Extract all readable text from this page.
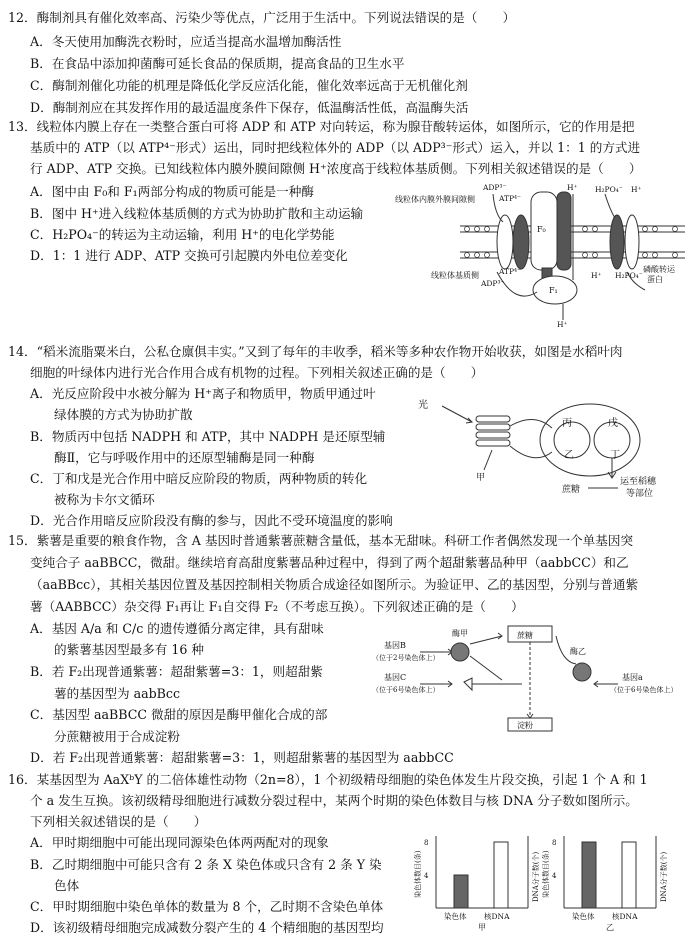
12．酶制剂具有催化效率高、污染少等优点，广泛用于生活中。下列说法错误的是（　　）
A．冬天使用加酶洗衣粉时，应适当提高水温增加酶活性
B．在食品中添加抑菌酶可延长食品的保质期，提高食品的卫生水平
C．酶制剂催化功能的机理是降低化学反应活化能，催化效率远高于无机催化剂
D．酶制剂应在其发挥作用的最适温度条件下保存，低温酶活性低，高温酶失活
13．线粒体内膜上存在一类整合蛋白可将 ADP 和 ATP 对向转运，称为腺苷酸转运体，如图所示，它的作用是把
基质中的 ATP（以 ATP⁴⁻形式）运出，同时把线粒体外的 ADP（以 ADP³⁻形式）运入，并以 1：1 的方式进
行 ADP、ATP 交换。已知线粒体内膜外膜间隙侧 H⁺浓度高于线粒体基质侧。下列相关叙述错误的是（　　）
A．图中由 F₀和 F₁两部分构成的物质可能是一种酶
B．图中 H⁺进入线粒体基质侧的方式为协助扩散和主动运输
C．H₂PO₄⁻的转运为主动运输，利用 H⁺的电化学势能
D．1：1 进行 ADP、ATP 交换可引起膜内外电位差变化
线粒体内膜外膜间隙侧
线粒体基质侧
磷酸转运
蛋白
ADP³⁻
ATP⁴⁻
ATP⁴⁻
ADP³⁻
H⁺
H⁺
H₂PO₄⁻ H⁺
H₂PO₄⁻
H⁺
F₀
F₁
14．“稻米流脂粟米白，公私仓廪俱丰实。”又到了每年的丰收季，稻米等多种农作物开始收获，如图是水稻叶肉
细胞的叶绿体内进行光合作用合成有机物的过程。下列相关叙述正确的是（　　）
A．光反应阶段中水被分解为 H⁺离子和物质甲，物质甲通过叶
绿体膜的方式为协助扩散
B．物质丙中包括 NADPH 和 ATP，其中 NADPH 是还原型辅
酶Ⅱ，它与呼吸作用中的还原型辅酶是同一种酶
C．丁和戊是光合作用中暗反应阶段的物质，两种物质的转化
被称为卡尔文循环
D．光合作用暗反应阶段没有酶的参与，因此不受环境温度的影响
光
甲
丙	戊
乙	丁
蔗糖
运至稻穗
等部位
15．紫薯是重要的粮食作物，含 A 基因时普通紫薯蔗糖含量低，基本无甜味。科研工作者偶然发现一个单基因突
变纯合子 aaBBCC，微甜。继续培育高甜度紫薯品种过程中，得到了两个超甜紫薯品种甲（aabbCC）和乙
（aaBBcc），其相关基因位置及基因控制相关物质合成途径如图所示。为验证甲、乙的基因型，分别与普通紫
薯（AABBCC）杂交得 F₁再让 F₁自交得 F₂（不考虑互换）。下列叙述正确的是（　　）
A．基因 A/a 和 C/c 的遗传遵循分离定律，具有甜味
的紫薯基因型最多有 16 种
B．若 F₂出现普通紫薯：超甜紫薯=3：1，则超甜紫
薯的基因型为 aabBcc
C．基因型 aaBBCC 微甜的原因是酶甲催化合成的部
分蔗糖被用于合成淀粉
D．若 F₂出现普通紫薯：超甜紫薯=3：1，则超甜紫薯的基因型为 aabbCC
基因B
（位于2号染色体上）
基因C
（位于6号染色体上）
酶甲
酶乙
蔗糖
淀粉
基因a
（位于6号染色体上）
16．某基因型为 AaXᵇY 的二倍体雄性动物（2n=8），1 个初级精母细胞的染色体发生片段交换，引起 1 个 A 和 1
个 a 发生互换。该初级精母细胞进行减数分裂过程中，某两个时期的染色体数目与核 DNA 分子数如图所示。
下列相关叙述错误的是（　　）
A．甲时期细胞中可能出现同源染色体两两配对的现象
B．乙时期细胞中可能只含有 2 条 X 染色体或只含有 2 条 Y 染
色体
C．甲时期细胞中染色单体的数量为 8 个，乙时期不含染色单体
D．该初级精母细胞完成减数分裂产生的 4 个精细胞的基因型均
8
4
染色体数目(条)	DNA分子数(个)
染色体 核DNA
甲
8
4
染色体数目(条)	DNA分子数(个)
染色体 核DNA
乙
